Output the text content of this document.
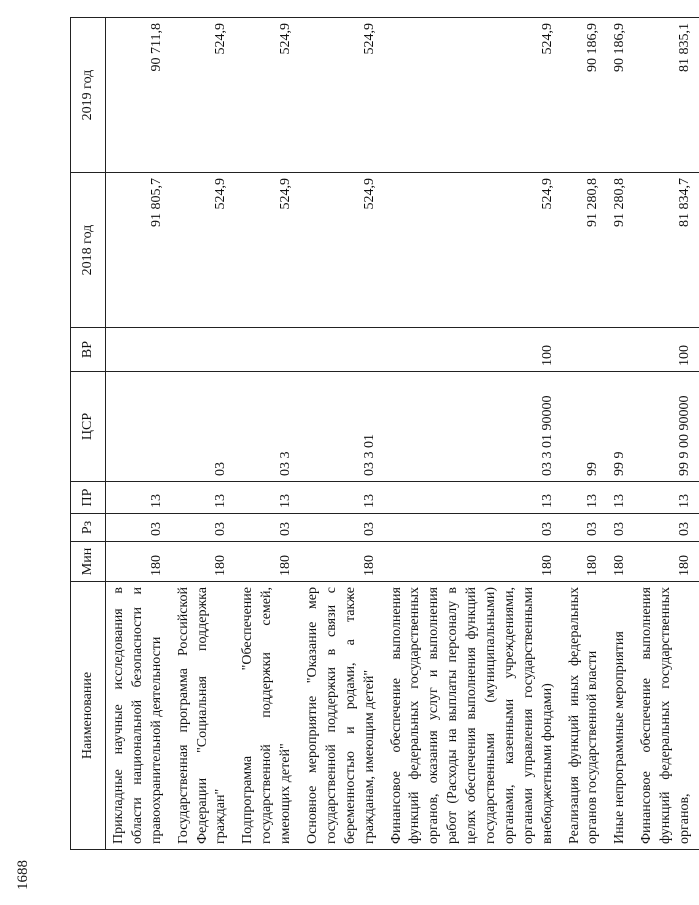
1688
Наименование	Мин	Рз	ПР	ЦСР	ВР	2018 год	2019 год
Прикладные научные исследования в области национальной безопасности и правоохранительной деятельности	180	03	13			91 805,7	90 711,8
Государственная программа Российской Федерации "Социальная поддержка граждан"	180	03	13	03		524,9	524,9
Подпрограмма "Обеспечение государственной поддержки семей, имеющих детей"	180	03	13	03 3		524,9	524,9
Основное мероприятие "Оказание мер государственной поддержки в связи с беременностью и родами, а также гражданам, имеющим детей"	180	03	13	03 3 01		524,9	524,9
Финансовое обеспечение выполнения функций федеральных государственных органов, оказания услуг и выполнения работ (Расходы на выплаты персоналу в целях обеспечения выполнения функций государственными (муниципальными) органами, казенными учреждениями, органами управления государственными внебюджетными фондами)	180	03	13	03 3 01 90000	100	524,9	524,9
Реализация функций иных федеральных органов государственной власти	180	03	13	99		91 280,8	90 186,9
Иные непрограммные мероприятия	180	03	13	99 9		91 280,8	90 186,9
Финансовое обеспечение выполнения функций федеральных государственных органов,	180	03	13	99 9 00 90000	100	81 834,7	81 835,1
